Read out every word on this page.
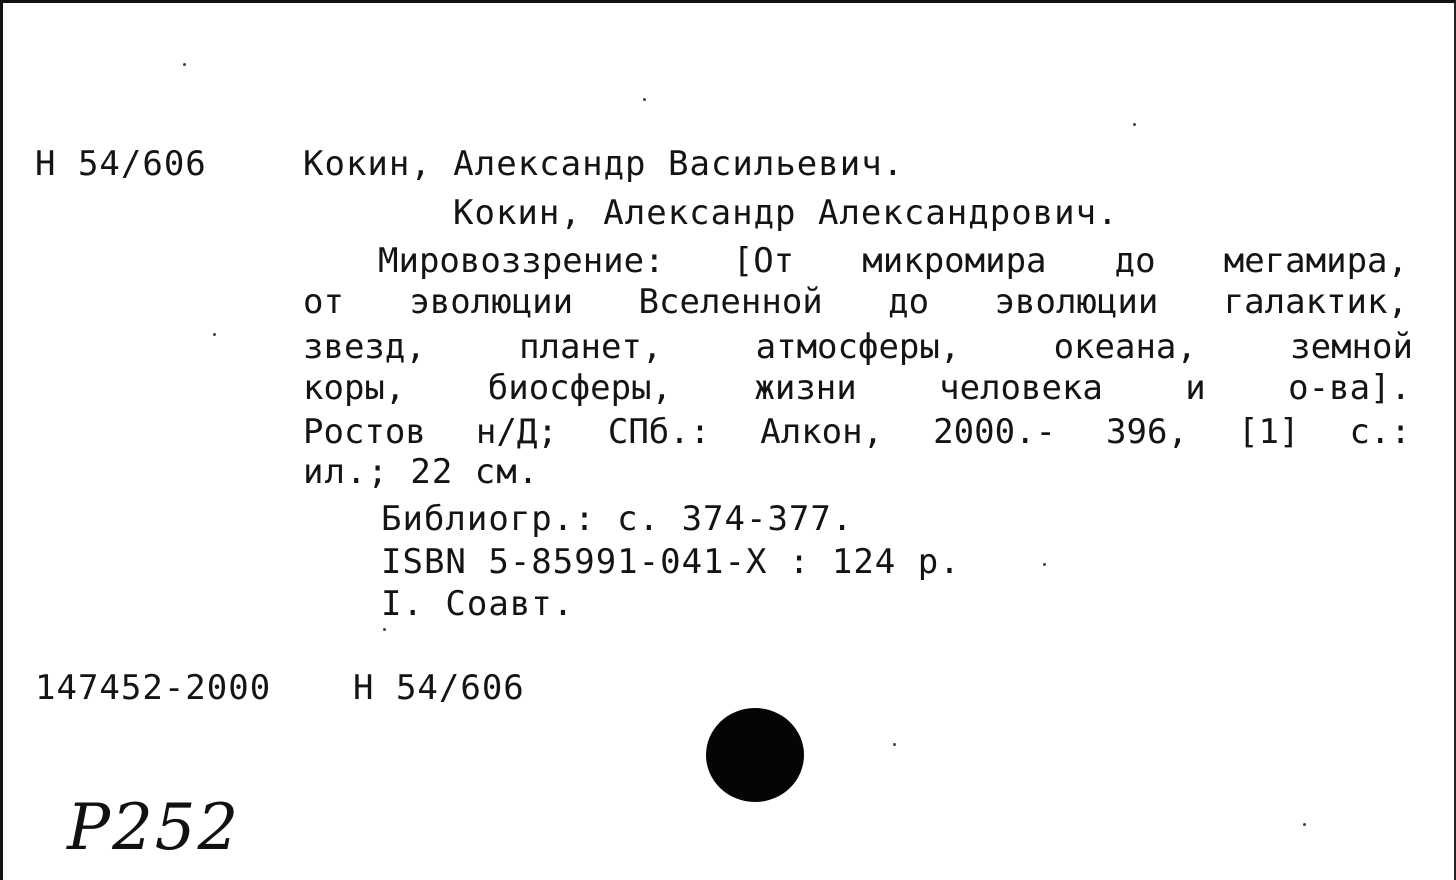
Н 54/606	Кокин, Александр Васильевич.
Кокин, Александр Александрович.
Мировоззрение: [От микромира до мегамира,
от эволюции Вселенной до эволюции галактик,
звезд,	планет,	атмосферы,	океана,	земной
коры, биосферы, жизни человека и о-ва].
Ростов н/Д; СПб.: Алкон, 2000.- 396, [1] с.:
ил.; 22 см.
Библиогр.: с. 374-377.
ISBN 5-85991-041-X : 124 р.
I. Соавт.
147452-2000 Н 54/606
Р252
